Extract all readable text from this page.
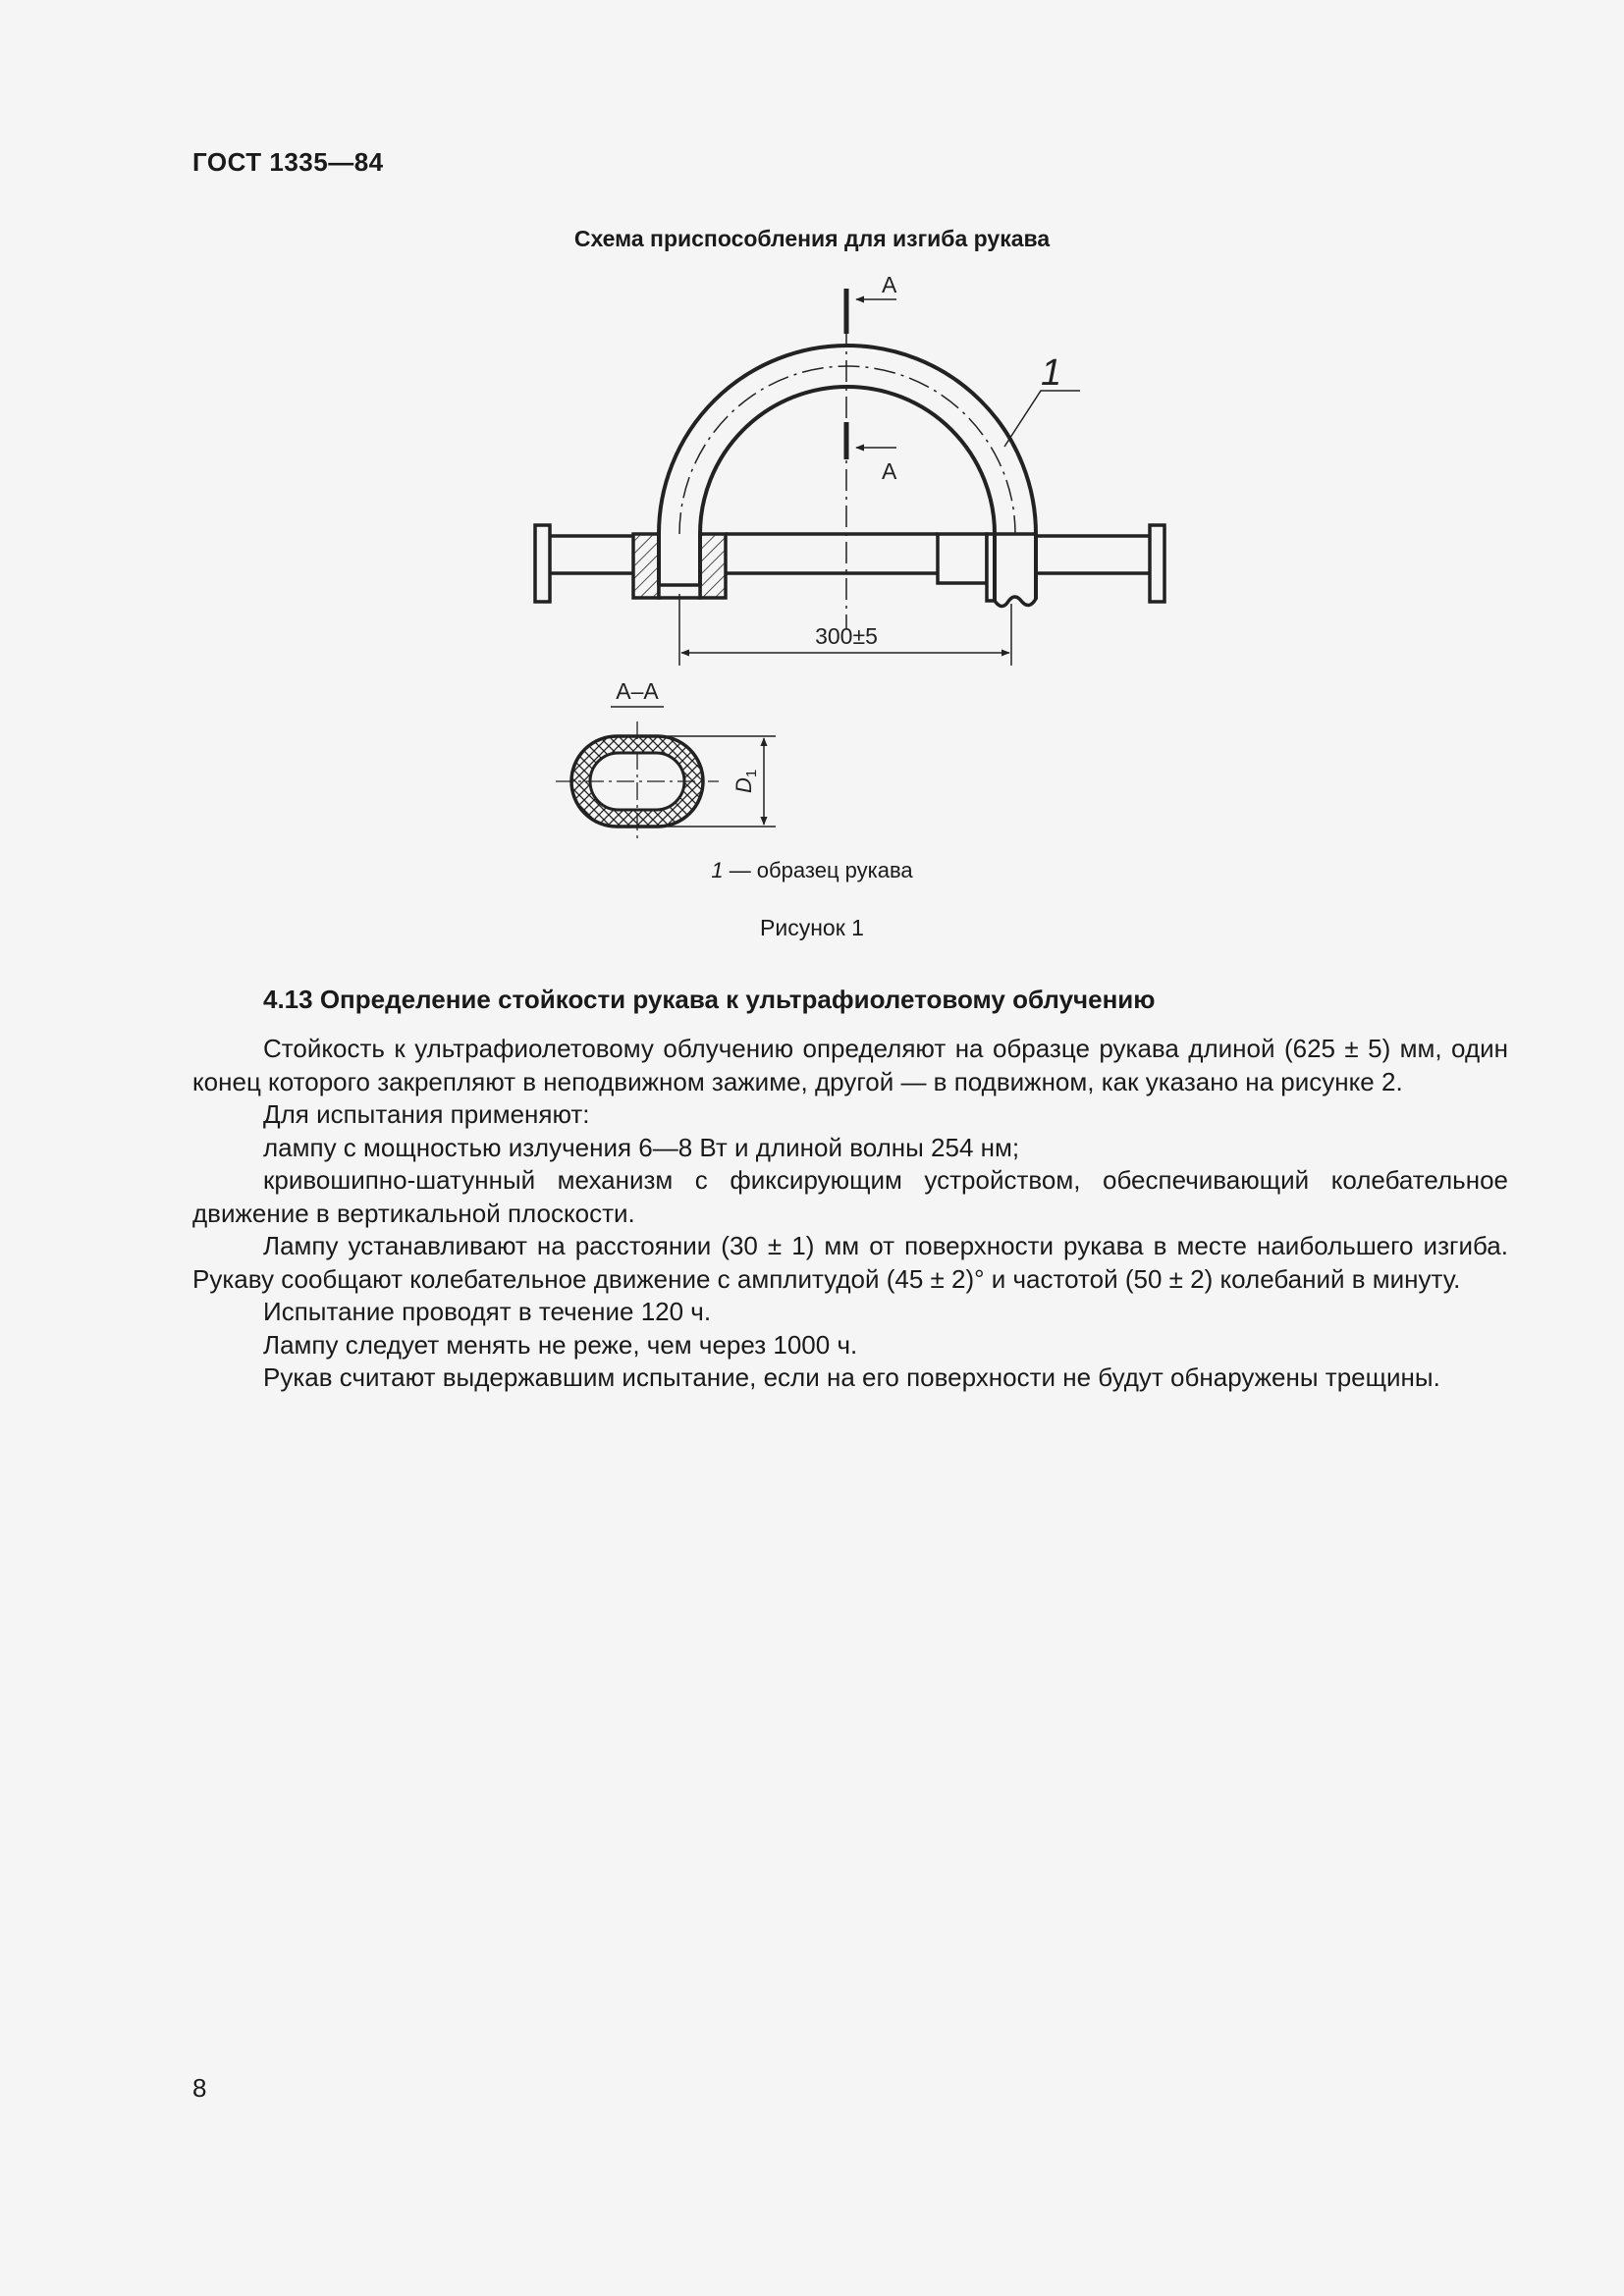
ГОСТ 1335—84
Схема приспособления для изгиба рукава
А
А
1
300±5
А–А
$D_1$
1 — образец рукава
Рисунок 1
4.13 Определение стойкости рукава к ультрафиолетовому облучению

Стойкость к ультрафиолетовому облучению определяют на образце рукава длиной (625 ± 5) мм, один конец которого закрепляют в неподвижном зажиме, другой — в подвижном, как указано на рисунке 2.

Для испытания применяют:

лампу с мощностью излучения 6—8 Вт и длиной волны 254 нм;

кривошипно-шатунный механизм с фиксирующим устройством, обеспечивающий колебательное движение в вертикальной плоскости.

Лампу устанавливают на расстоянии (30 ± 1) мм от поверхности рукава в месте наибольшего изгиба. Рукаву сообщают колебательное движение с амплитудой (45 ± 2)° и частотой (50 ± 2) колебаний в минуту.

Испытание проводят в течение 120 ч.

Лампу следует менять не реже, чем через 1000 ч.

Рукав считают выдержавшим испытание, если на его поверхности не будут обнаружены трещины.

8
